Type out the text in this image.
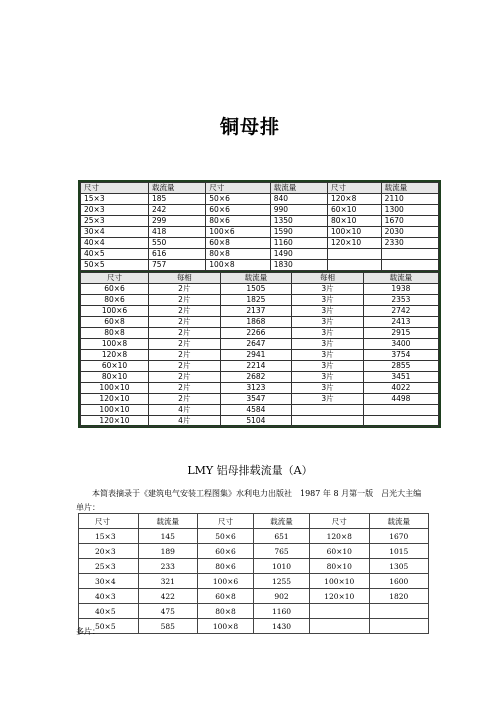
铜母排
尺寸	载流量	尺寸	载流量	尺寸	载流量
15×3	185	50×6	840	120×8	2110
20×3	242	60×6	990	60×10	1300
25×3	299	80×6	1350	80×10	1670
30×4	418	100×6	1590	100×10	2030
40×4	550	60×8	1160	120×10	2330
40×5	616	80×8	1490		
50×5	757	100×8	1830		
尺寸	每相	载流量	每相	载流量
60×6	2片	1505	3片	1938
80×6	2片	1825	3片	2353
100×6	2片	2137	3片	2742
60×8	2片	1868	3片	2413
80×8	2片	2266	3片	2915
100×8	2片	2647	3片	3400
120×8	2片	2941	3片	3754
60×10	2片	2214	3片	2855
80×10	2片	2682	3片	3451
100×10	2片	3123	3片	4022
120×10	2片	3547	3片	4498
100×10	4片	4584		
120×10	4片	5104		
LMY 铝母排载流量（A）
本简表摘录于《建筑电气安装工程图集》水利电力出版社　1987 年 8 月第一版　吕光大主编
单片：
尺寸	载流量	尺寸	载流量	尺寸	载流量
15×3	145	50×6	651	120×8	1670
20×3	189	60×6	765	60×10	1015
25×3	233	80×6	1010	80×10	1305
30×4	321	100×6	1255	100×10	1600
40×3	422	60×8	902	120×10	1820
40×5	475	80×8	1160		
50×5	585	100×8	1430		
多片：
